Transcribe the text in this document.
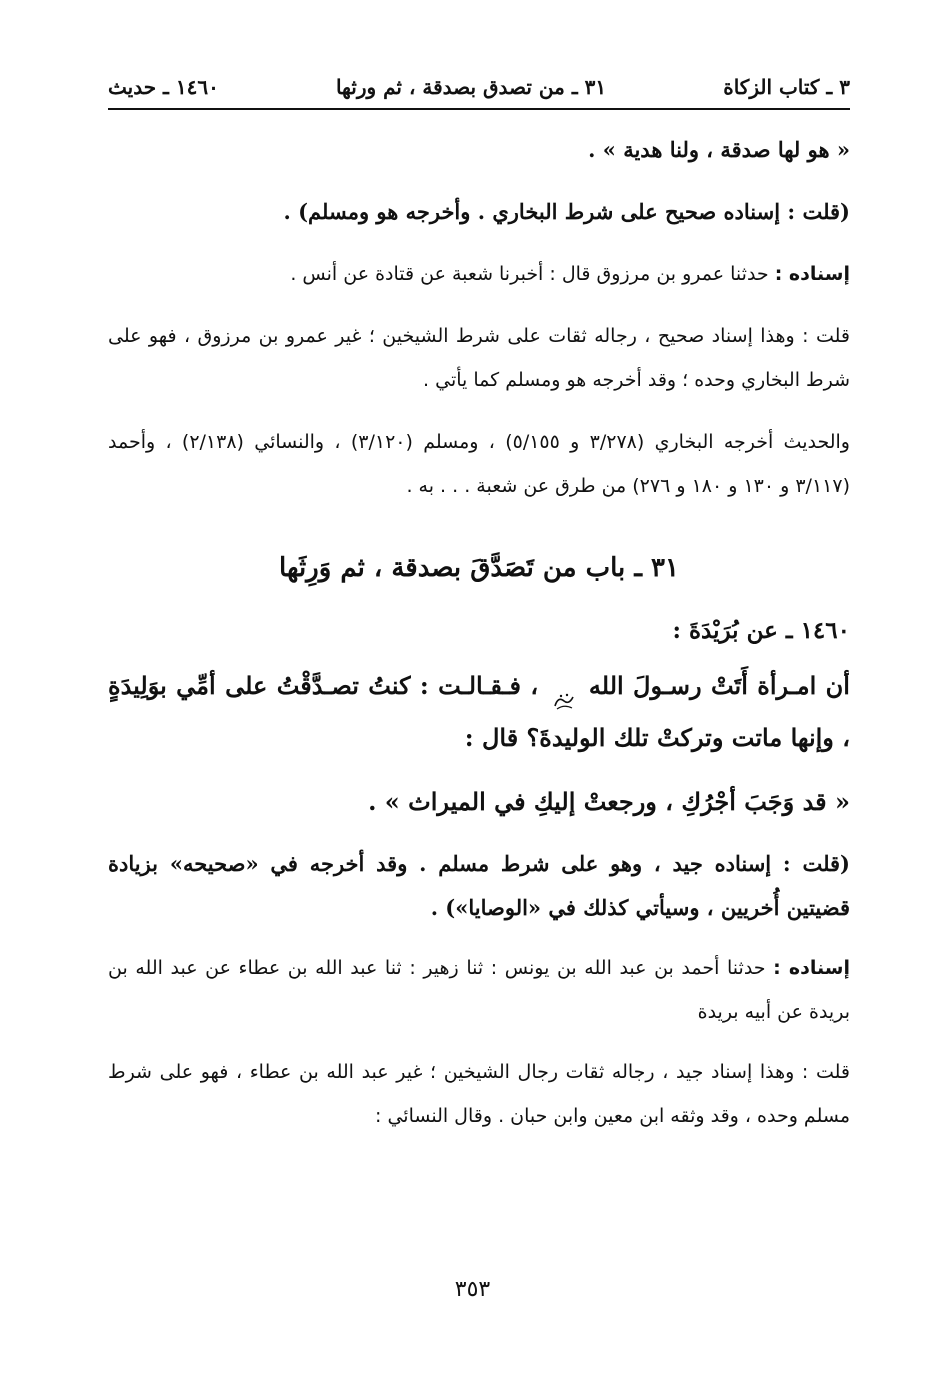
٣ ـ كتاب الزكاة
٣١ ـ من تصدق بصدقة ، ثم ورثها
١٤٦٠ ـ حديث

« هو لها صدقة ، ولنا هدية » .

(قلت : إسناده صحيح على شرط البخاري . وأخرجه هو ومسلم) .

إسناده : حدثنا عمرو بن مرزوق قال : أخبرنا شعبة عن قتادة عن أنس .

قلت : وهذا إسناد صحيح ، رجاله ثقات على شرط الشيخين ؛ غير عمرو بن مرزوق ، فهو على شرط البخاري وحده ؛ وقد أخرجه هو ومسلم كما يأتي .

والحديث أخرجه البخاري (٣/٢٧٨ و ٥/١٥٥) ، ومسلم (٣/١٢٠) ، والنسائي (٢/١٣٨) ، وأحمد (٣/١١٧ و ١٣٠ و ١٨٠ و ٢٧٦) من طرق عن شعبة . . . به .

٣١ ـ باب من تَصَدَّقَ بصدقة ، ثم وَرِثَها

١٤٦٠ ـ عن بُرَيْدَةَ :

أن امـرأة أَتَتْ رسـولَ الله  ، فـقـالـت : كنتُ تصـدَّقْتُ على أمِّي بوَلِيدَةٍ ، وإنها ماتت وتركتْ تلك الوليدةَ؟ قال :

« قد وَجَبَ أجْرُكِ ، ورجعتْ إليكِ في الميراث » .

(قلت : إسناده جيد ، وهو على شرط مسلم . وقد أخرجه في «صحيحه» بزيادة قضيتين أُخريين ، وسيأتي كذلك في «الوصايا») .

إسناده : حدثنا أحمد بن عبد الله بن يونس : ثنا زهير : ثنا عبد الله بن عطاء عن عبد الله بن بريدة عن أبيه بريدة

قلت : وهذا إسناد جيد ، رجاله ثقات رجال الشيخين ؛ غير عبد الله بن عطاء ، فهو على شرط مسلم وحده ، وقد وثقه ابن معين وابن حبان . وقال النسائي :

٣٥٣
